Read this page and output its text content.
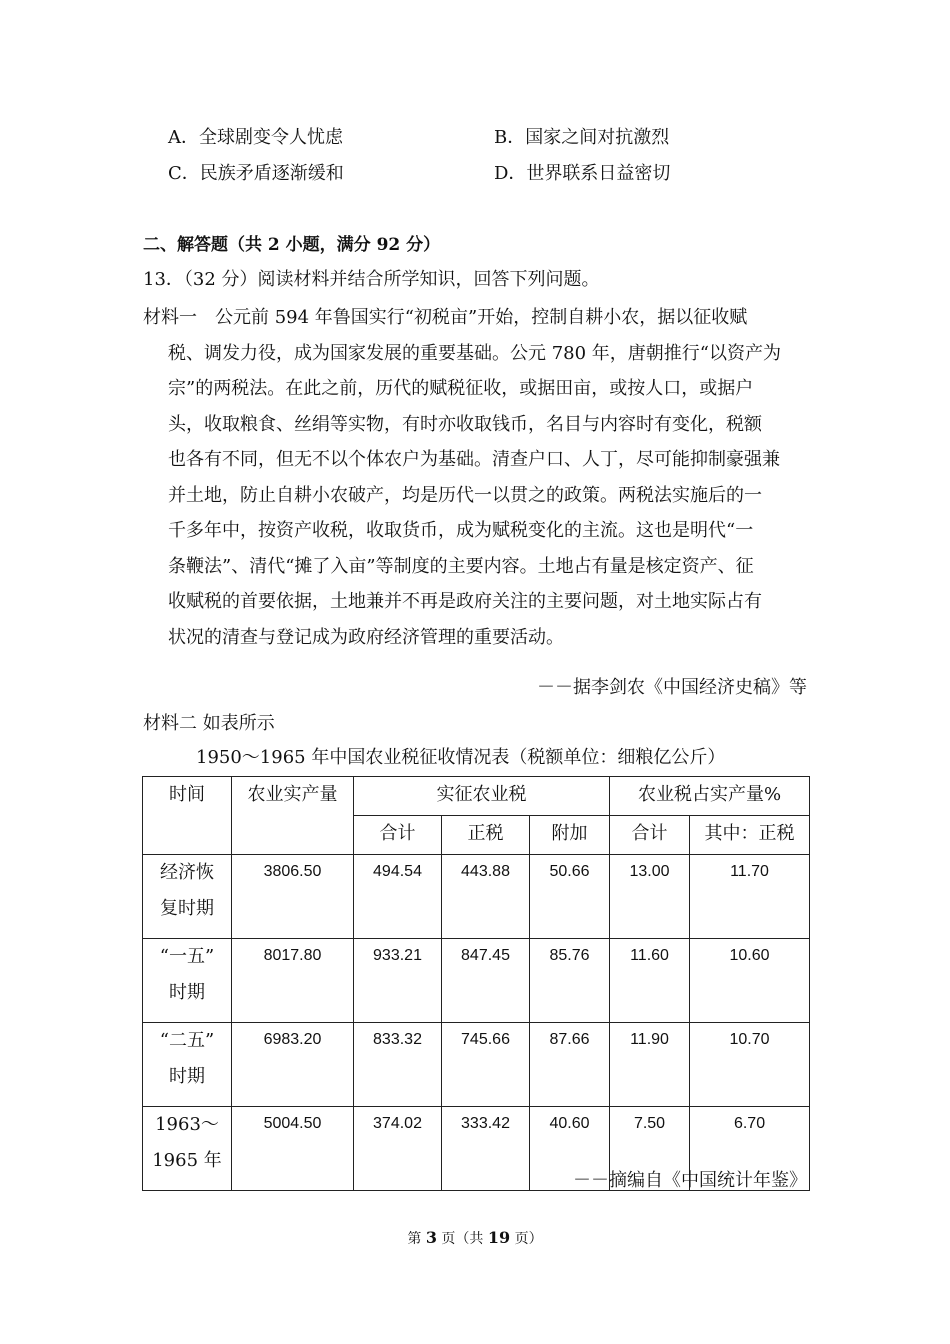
A．全球剧变令人忧虑	B．国家之间对抗激烈
C．民族矛盾逐渐缓和	D．世界联系日益密切
二、解答题（共 2 小题，满分 92 分）
13．（32 分）阅读材料并结合所学知识，回答下列问题。
材料一　公元前 594 年鲁国实行“初税亩”开始，控制自耕小农，据以征收赋
税、调发力役，成为国家发展的重要基础。公元 780 年，唐朝推行“以资产为
宗”的两税法。在此之前，历代的赋税征收，或据田亩，或按人口，或据户
头，收取粮食、丝绢等实物，有时亦收取钱币，名目与内容时有变化，税额
也各有不同，但无不以个体农户为基础。清查户口、人丁，尽可能抑制豪强兼
并土地，防止自耕小农破产，均是历代一以贯之的政策。两税法实施后的一
千多年中，按资产收税，收取货币，成为赋税变化的主流。这也是明代“一
条鞭法”、清代“摊了入亩”等制度的主要内容。土地占有量是核定资产、征
收赋税的首要依据，土地兼并不再是政府关注的主要问题，对土地实际占有
状况的清查与登记成为政府经济管理的重要活动。
－－据李剑农《中国经济史稿》等
材料二 如表所示
1950～1965 年中国农业税征收情况表（税额单位：细粮亿公斤）
时间	农业实产量	实征农业税			农业税占实产量%	
		合计	正税	附加	合计	其中：正税

经济恢
复时期	3806.50	494.54	443.88	50.66	13.00	11.70

“一五”
时期	8017.80	933.21	847.45	85.76	11.60	10.60

“二五”
时期	6983.20	833.32	745.66	87.66	11.90	10.70

1963～
1965 年	5004.50	374.02	333.42	40.60	7.50	6.70
－－摘编自《中国统计年鉴》
第 3 页（共 19 页）
